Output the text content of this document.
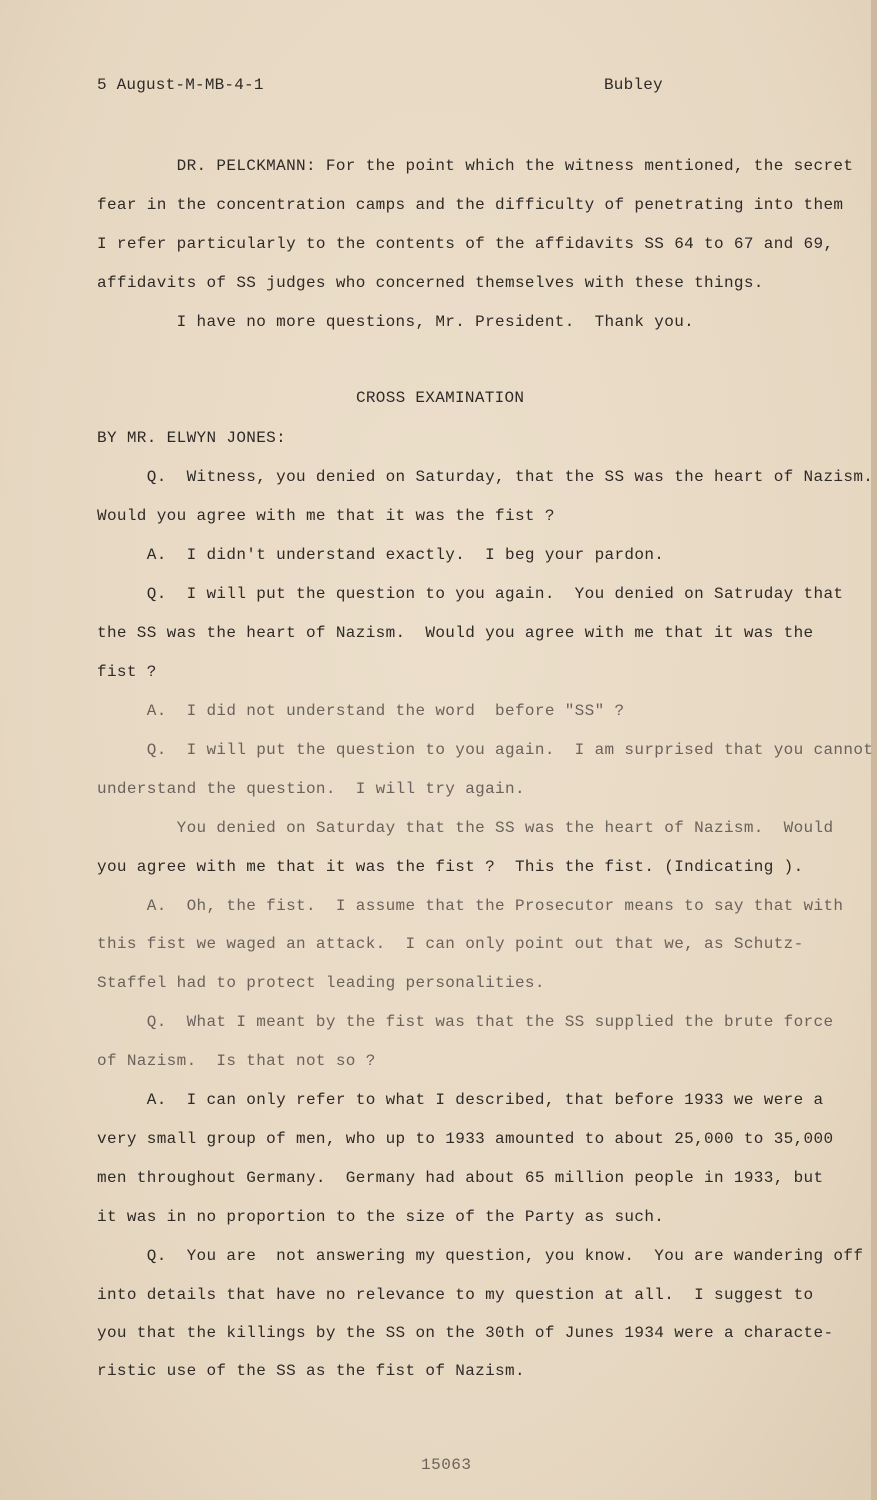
5 August-M-MB-4-1	Bubley
DR. PELCKMANN: For the point which the witness mentioned, the secret
fear in the concentration camps and the difficulty of penetrating into them
I refer particularly to the contents of the affidavits SS 64 to 67 and 69,
affidavits of SS judges who concerned themselves with these things.
I have no more questions, Mr. President.  Thank you.
CROSS EXAMINATION
BY MR. ELWYN JONES:
Q.  Witness, you denied on Saturday, that the SS was the heart of Nazism.
Would you agree with me that it was the fist ?
A.  I didn't understand exactly.  I beg your pardon.
Q.  I will put the question to you again.  You denied on Satruday that
the SS was the heart of Nazism.  Would you agree with me that it was the
fist ?
A.  I did not understand the word  before "SS" ?
Q.  I will put the question to you again.  I am surprised that you cannot
understand the question.  I will try again.
You denied on Saturday that the SS was the heart of Nazism.  Would
you agree with me that it was the fist ?  This the fist. (Indicating ).
A.  Oh, the fist.  I assume that the Prosecutor means to say that with
this fist we waged an attack.  I can only point out that we, as Schutz-
Staffel had to protect leading personalities.
Q.  What I meant by the fist was that the SS supplied the brute force
of Nazism.  Is that not so ?
A.  I can only refer to what I described, that before 1933 we were a
very small group of men, who up to 1933 amounted to about 25,000 to 35,000
men throughout Germany.  Germany had about 65 million people in 1933, but
it was in no proportion to the size of the Party as such.
Q.  You are  not answering my question, you know.  You are wandering off
into details that have no relevance to my question at all.  I suggest to
you that the killings by the SS on the 30th of Junes 1934 were a characte-
ristic use of the SS as the fist of Nazism.
15063
